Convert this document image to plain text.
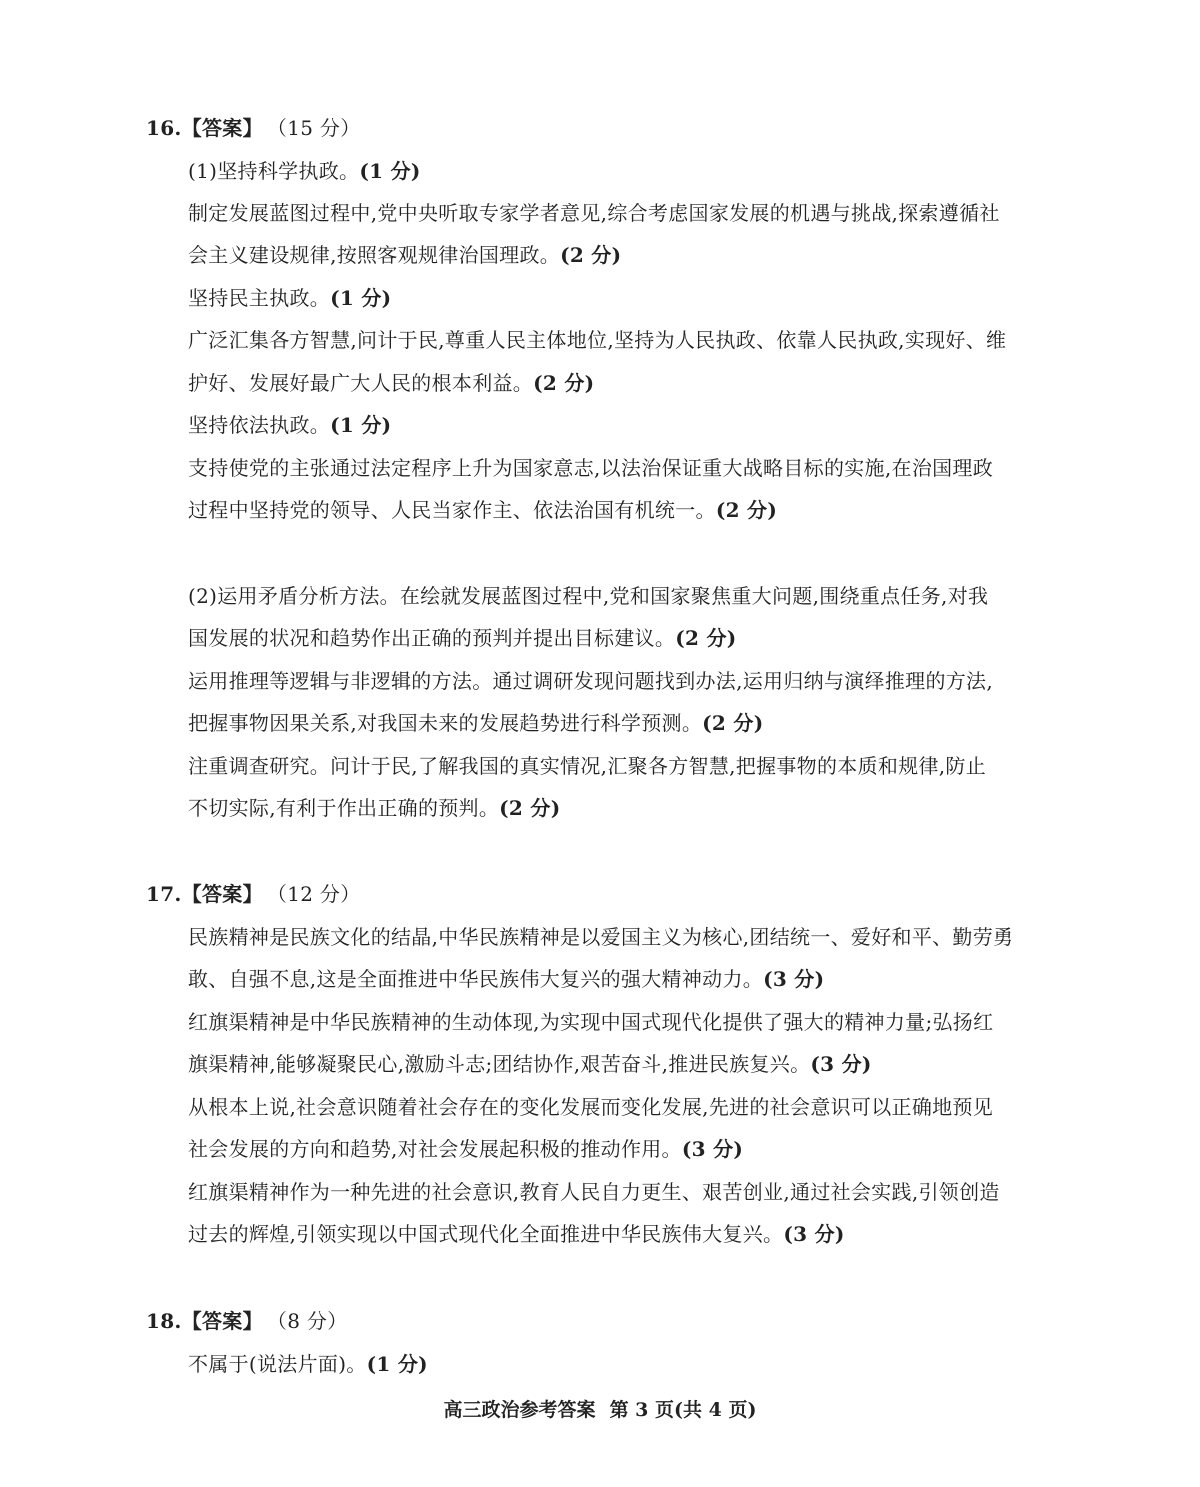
16.【答案】 （15 分）
(1)坚持科学执政。(1 分)
制定发展蓝图过程中,党中央听取专家学者意见,综合考虑国家发展的机遇与挑战,探索遵循社
会主义建设规律,按照客观规律治国理政。(2 分)
坚持民主执政。(1 分)
广泛汇集各方智慧,问计于民,尊重人民主体地位,坚持为人民执政、依靠人民执政,实现好、维
护好、发展好最广大人民的根本利益。(2 分)
坚持依法执政。(1 分)
支持使党的主张通过法定程序上升为国家意志,以法治保证重大战略目标的实施,在治国理政
过程中坚持党的领导、人民当家作主、依法治国有机统一。(2 分)
(2)运用矛盾分析方法。在绘就发展蓝图过程中,党和国家聚焦重大问题,围绕重点任务,对我
国发展的状况和趋势作出正确的预判并提出目标建议。(2 分)
运用推理等逻辑与非逻辑的方法。通过调研发现问题找到办法,运用归纳与演绎推理的方法,
把握事物因果关系,对我国未来的发展趋势进行科学预测。(2 分)
注重调查研究。问计于民,了解我国的真实情况,汇聚各方智慧,把握事物的本质和规律,防止
不切实际,有利于作出正确的预判。(2 分)
17.【答案】 （12 分）
民族精神是民族文化的结晶,中华民族精神是以爱国主义为核心,团结统一、爱好和平、勤劳勇
敢、自强不息,这是全面推进中华民族伟大复兴的强大精神动力。(3 分)
红旗渠精神是中华民族精神的生动体现,为实现中国式现代化提供了强大的精神力量;弘扬红
旗渠精神,能够凝聚民心,激励斗志;团结协作,艰苦奋斗,推进民族复兴。(3 分)
从根本上说,社会意识随着社会存在的变化发展而变化发展,先进的社会意识可以正确地预见
社会发展的方向和趋势,对社会发展起积极的推动作用。(3 分)
红旗渠精神作为一种先进的社会意识,教育人民自力更生、艰苦创业,通过社会实践,引领创造
过去的辉煌,引领实现以中国式现代化全面推进中华民族伟大复兴。(3 分)
18.【答案】 （8 分）
不属于(说法片面)。(1 分)
高三政治参考答案 第 3 页(共 4 页)
